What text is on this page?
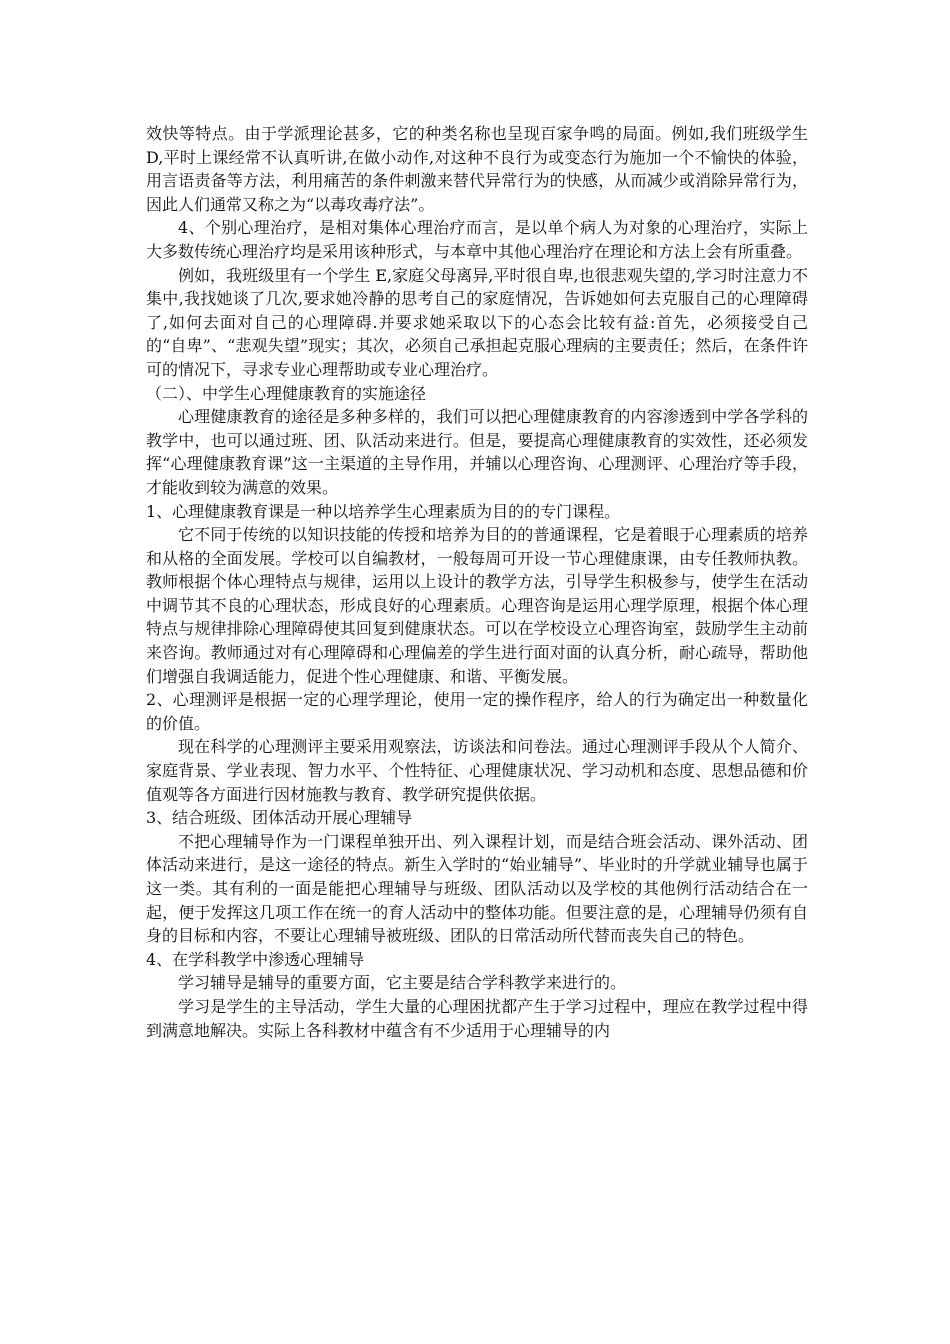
效快等特点。由于学派理论甚多，它的种类名称也呈现百家争鸣的局面。例如,我们班级学生 D,平时上课经常不认真听讲,在做小动作,对这种不良行为或变态行为施加一个不愉快的体验，用言语责备等方法，利用痛苦的条件刺激来替代异常行为的快感，从而减少或消除异常行为，因此人们通常又称之为“以毒攻毒疗法”。

4、个别心理治疗，是相对集体心理治疗而言，是以单个病人为对象的心理治疗，实际上大多数传统心理治疗均是采用该种形式，与本章中其他心理治疗在理论和方法上会有所重叠。

例如，我班级里有一个学生 E,家庭父母离异,平时很自卑,也很悲观失望的,学习时注意力不集中,我找她谈了几次,要求她冷静的思考自己的家庭情况，告诉她如何去克服自己的心理障碍了,如何去面对自己的心理障碍.并要求她采取以下的心态会比较有益:首先，必须接受自己的“自卑”、“悲观失望”现实；其次，必须自己承担起克服心理病的主要责任；然后，在条件许可的情况下，寻求专业心理帮助或专业心理治疗。

（二）、中学生心理健康教育的实施途径

心理健康教育的途径是多种多样的，我们可以把心理健康教育的内容渗透到中学各学科的教学中，也可以通过班、团、队活动来进行。但是，要提高心理健康教育的实效性，还必须发挥“心理健康教育课”这一主渠道的主导作用，并辅以心理咨询、心理测评、心理治疗等手段，才能收到较为满意的效果。

1、心理健康教育课是一种以培养学生心理素质为目的的专门课程。

它不同于传统的以知识技能的传授和培养为目的的普通课程，它是着眼于心理素质的培养和从格的全面发展。学校可以自编教材，一般每周可开设一节心理健康课，由专任教师执教。教师根据个体心理特点与规律，运用以上设计的教学方法，引导学生积极参与，使学生在活动中调节其不良的心理状态，形成良好的心理素质。心理咨询是运用心理学原理，根据个体心理特点与规律排除心理障碍使其回复到健康状态。可以在学校设立心理咨询室，鼓励学生主动前来咨询。教师通过对有心理障碍和心理偏差的学生进行面对面的认真分析，耐心疏导，帮助他们增强自我调适能力，促进个性心理健康、和谐、平衡发展。

2、心理测评是根据一定的心理学理论，使用一定的操作程序，给人的行为确定出一种数量化的价值。

现在科学的心理测评主要采用观察法，访谈法和问卷法。通过心理测评手段从个人简介、家庭背景、学业表现、智力水平、个性特征、心理健康状况、学习动机和态度、思想品德和价值观等各方面进行因材施教与教育、教学研究提供依据。

3、结合班级、团体活动开展心理辅导

不把心理辅导作为一门课程单独开出、列入课程计划，而是结合班会活动、课外活动、团体活动来进行，是这一途径的特点。新生入学时的“始业辅导”、毕业时的升学就业辅导也属于这一类。其有利的一面是能把心理辅导与班级、团队活动以及学校的其他例行活动结合在一起，便于发挥这几项工作在统一的育人活动中的整体功能。但要注意的是，心理辅导仍须有自身的目标和内容，不要让心理辅导被班级、团队的日常活动所代替而丧失自己的特色。

4、在学科教学中渗透心理辅导

学习辅导是辅导的重要方面，它主要是结合学科教学来进行的。

学习是学生的主导活动，学生大量的心理困扰都产生于学习过程中，理应在教学过程中得到满意地解决。实际上各科教材中蕴含有不少适用于心理辅导的内
